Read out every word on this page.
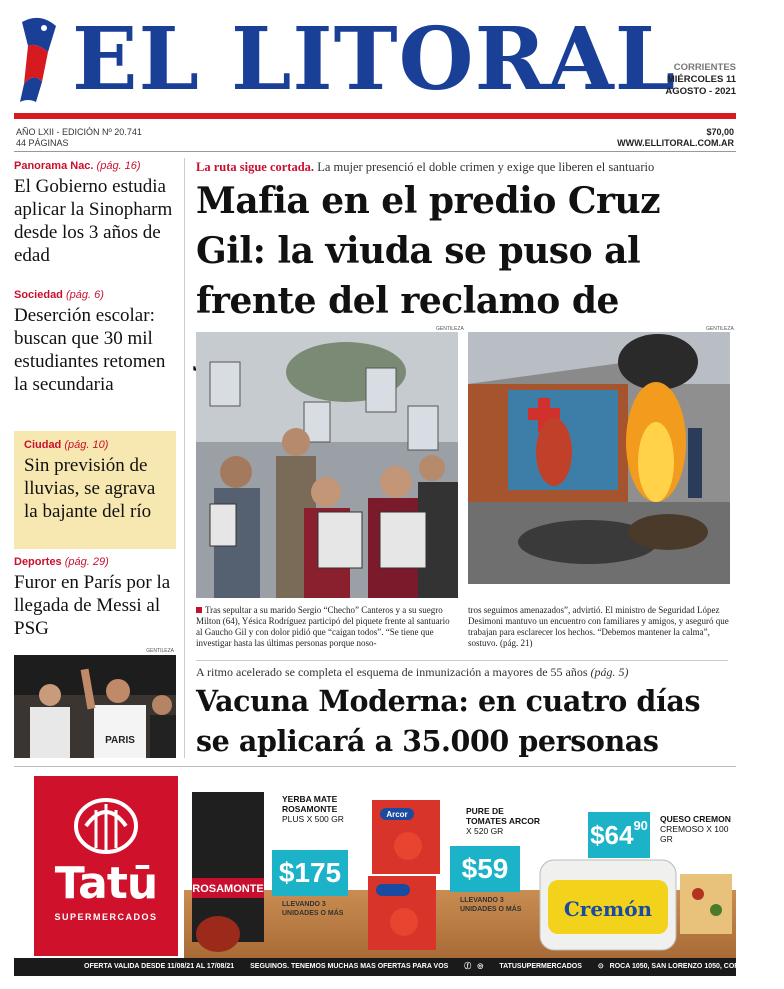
EL LITORAL
CORRIENTES
MIÉRCOLES 11
AGOSTO - 2021
AÑO LXII - EDICIÓN Nº 20.741
44 PÁGINAS
$70,00
WWW.ELLITORAL.COM.AR
Panorama Nac. (pág. 16)
El Gobierno estudia aplicar la Sinopharm desde los 3 años de edad
Sociedad (pág. 6)
Deserción escolar: buscan que 30 mil estudiantes retomen la secundaria
Ciudad (pág. 10)
Sin previsión de lluvias, se agrava la bajante del río
Deportes (pág. 29)
Furor en París por la llegada de Messi al PSG
PARIS
GENTILEZA
La ruta sigue cortada. La mujer presenció el doble crimen y exige que liberen el santuario
Mafia en el predio Cruz Gil: la viuda se puso al frente del reclamo de
GENTILEZA	GENTILEZA
Tras sepultar a su marido Sergio “Checho” Canteros y a su suegro Milton (64), Yésica Rodríguez participó del piquete frente al santuario al Gaucho Gil y con dolor pidió que “caigan todos”. “Se tiene que investigar hasta las últimas personas porque noso-
tros seguimos amenazados”, advirtió. El ministro de Seguridad López Desimoni mantuvo un encuentro con familiares y amigos, y aseguró que trabajan para esclarecer los hechos. “Debemos mantener la calma”, sostuvo. (pág. 21)
A ritmo acelerado se completa el esquema de inmunización a mayores de 55 años (pág. 5)
Vacuna Moderna: en cuatro días se aplicará a 35.000 personas
Tatū
SUPERMERCADOS
ROSAMONTE
YERBA MATE ROSAMONTE
PLUS X 500 GR
$175
LLEVANDO 3 UNIDADES O MÁS
Arcor	PURE DE TOMATES ARCOR
X 520 GR
$59
LLEVANDO 3 UNIDADES O MÁS
$\$64^{90}$ QUESO CREMON
CREMOSO X 100 GR
Cremón
OFERTA VALIDA DESDE 11/08/21 AL 17/08/21 SEGUINOS. TENEMOS MUCHAS MAS OFERTAS PARA VOS ⓕ ◎ TATUSUPERMERCADOS ⊙ ROCA 1050, SAN LORENZO 1050, CORRIENTES
